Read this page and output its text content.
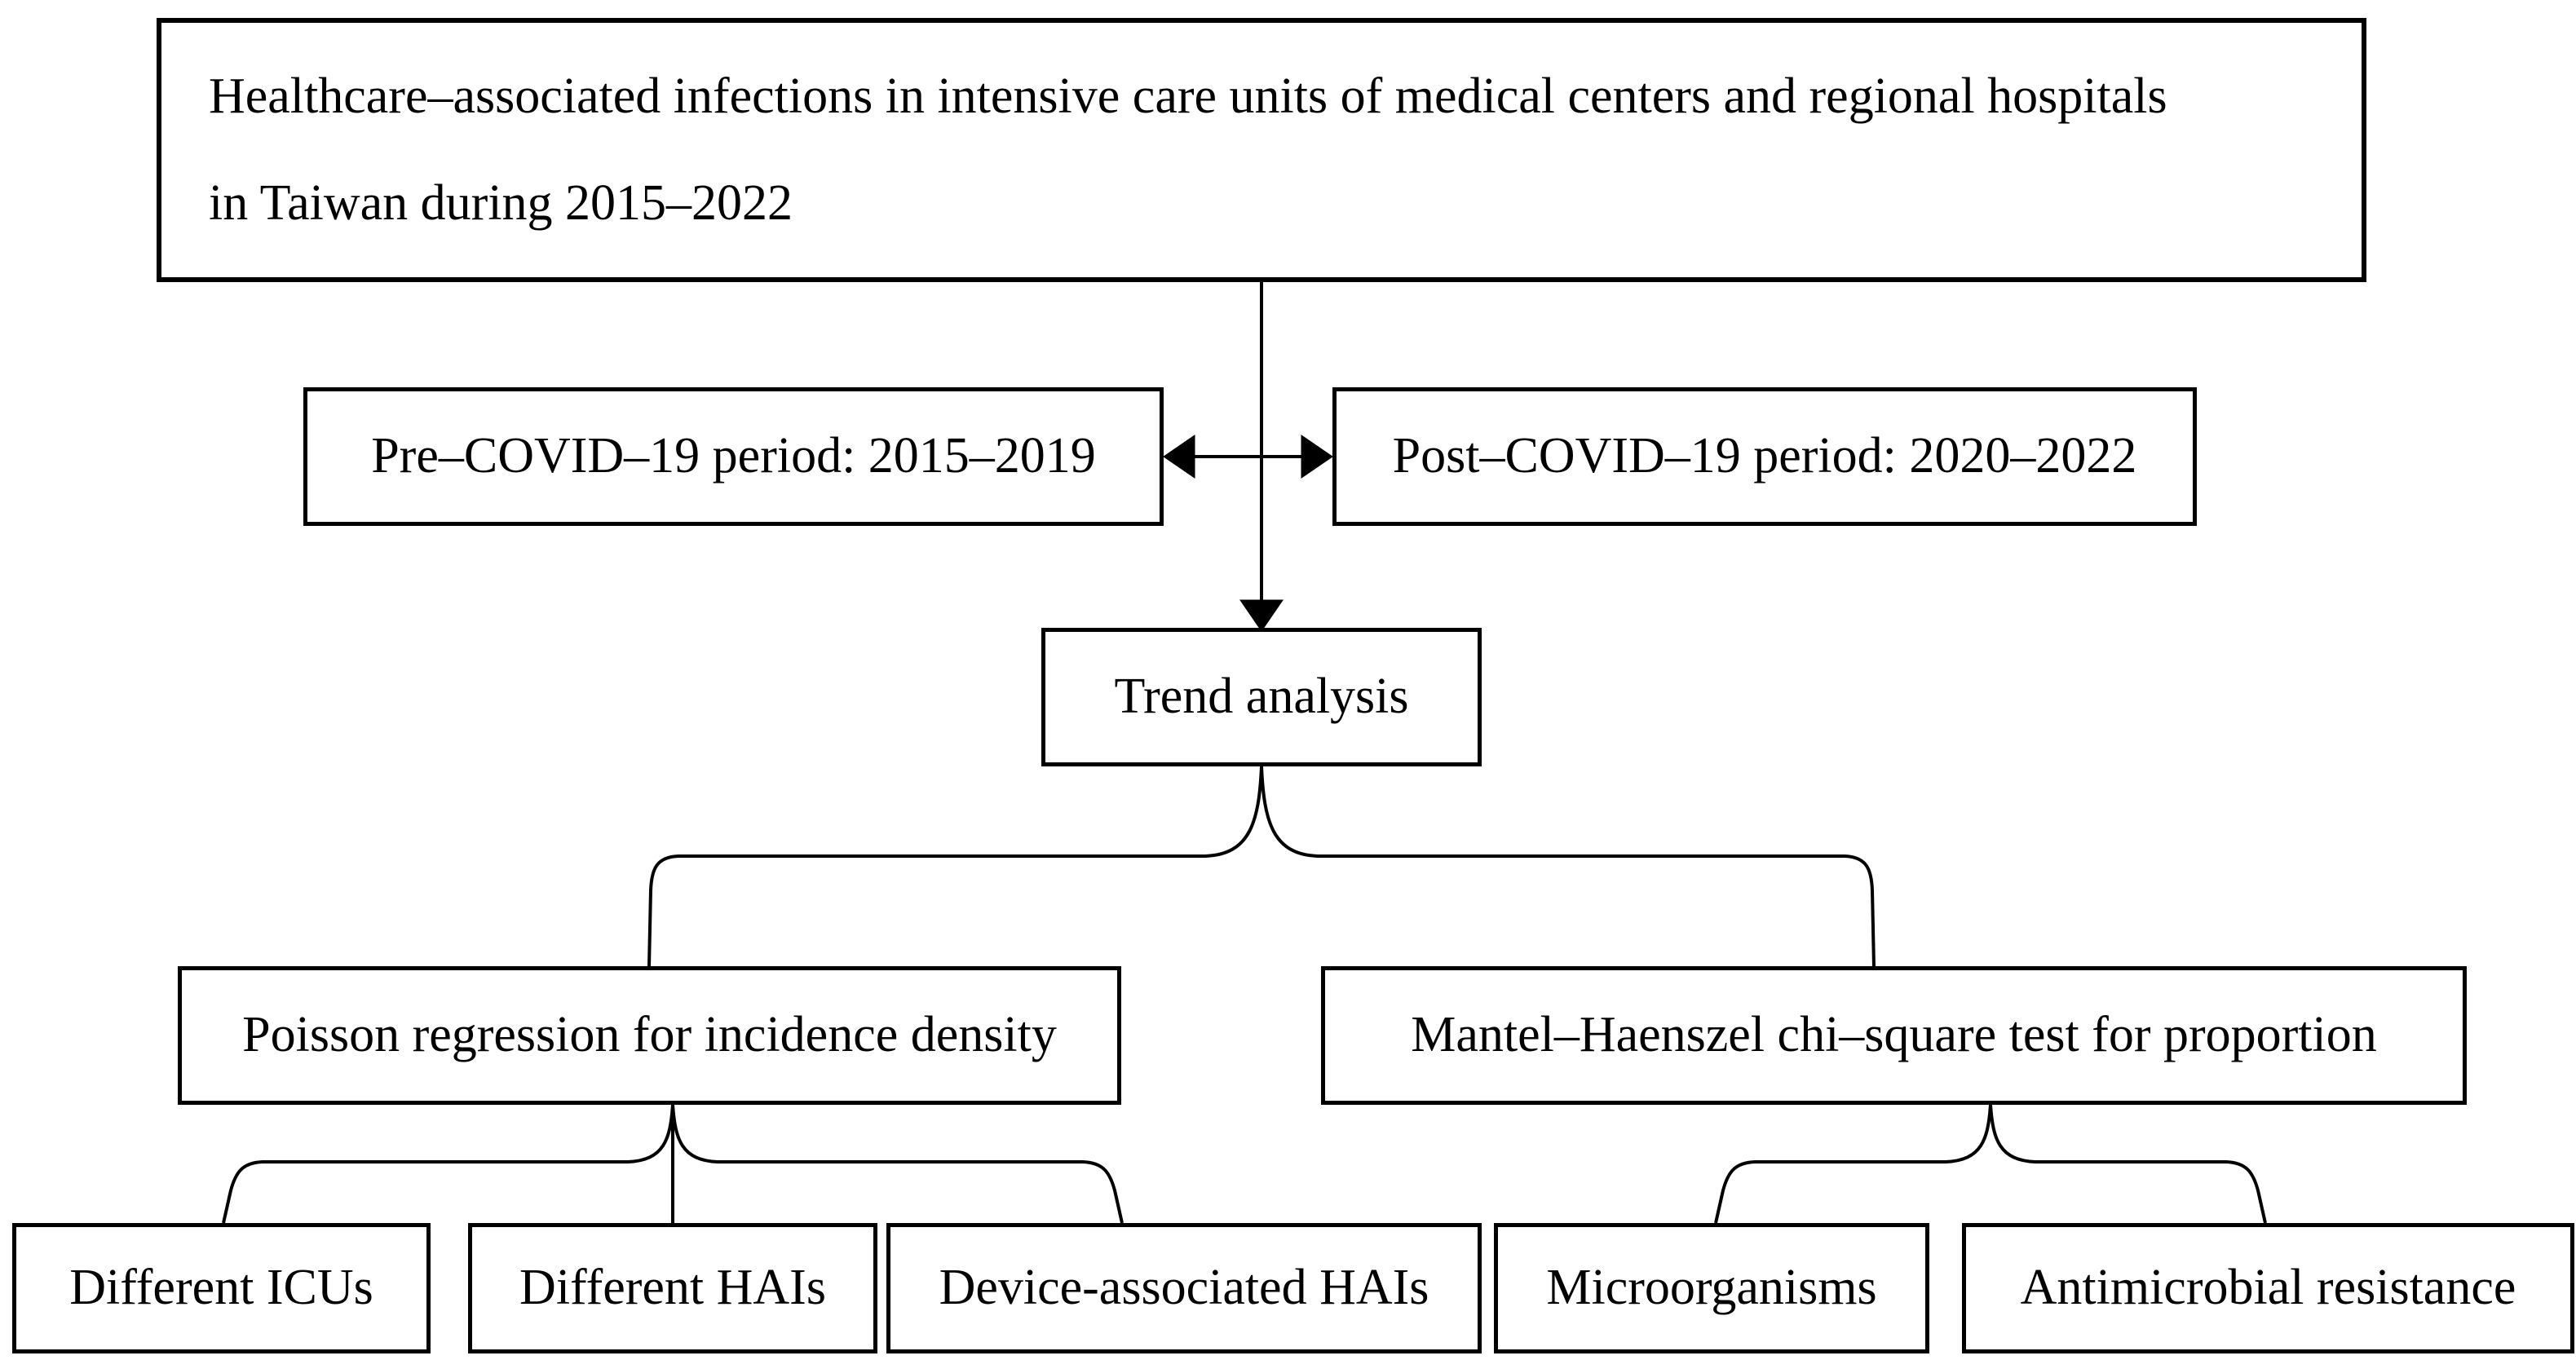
Healthcare–associated infections in intensive care units of medical centers and regional hospitals
in Taiwan during 2015–2022
Pre–COVID–19 period: 2015–2019	Post–COVID–19 period: 2020–2022
Trend analysis
Poisson regression for incidence density	Mantel–Haenszel chi–square test for proportion
Different ICUs	Different HAIs	Device-associated HAIs	Microorganisms	Antimicrobial resistance
